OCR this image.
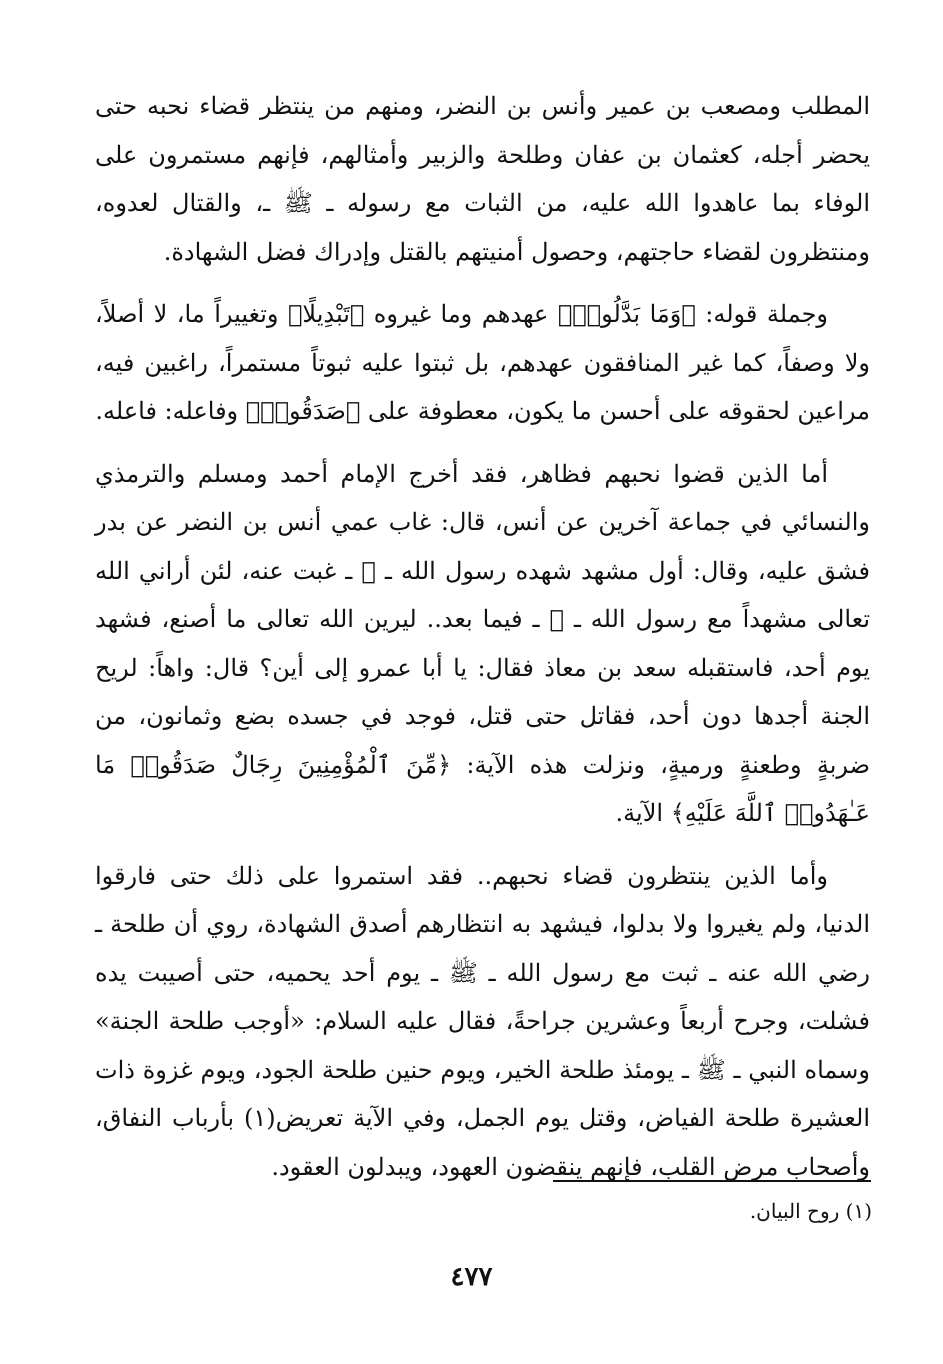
المطلب ومصعب بن عمير وأنس بن النضر، ومنهم من ينتظر قضاء نحبه حتى يحضر أجله، كعثمان بن عفان وطلحة والزبير وأمثالهم، فإنهم مستمرون على الوفاء بما عاهدوا الله عليه، من الثبات مع رسوله ـ ﷺ ـ، والقتال لعدوه، ومنتظرون لقضاء حاجتهم، وحصول أمنيتهم بالقتل وإدراك فضل الشهادة.

وجملة قوله: ﴿وَمَا بَدَّلُوا۟﴾ عهدهم وما غيروه ﴿تَبْدِيلًا﴾ وتغييراً ما، لا أصلاً، ولا وصفاً، كما غير المنافقون عهدهم، بل ثبتوا عليه ثبوتاً مستمراً، راغبين فيه، مراعين لحقوقه على أحسن ما يكون، معطوفة على ﴿صَدَقُوا۟﴾ وفاعله: فاعله.

أما الذين قضوا نحبهم فظاهر، فقد أخرج الإمام أحمد ومسلم والترمذي والنسائي في جماعة آخرين عن أنس، قال: غاب عمي أنس بن النضر عن بدر فشق عليه، وقال: أول مشهد شهده رسول الله ـ ﷺ ـ غبت عنه، لئن أراني الله تعالى مشهداً مع رسول الله ـ ﷺ ـ فيما بعد.. ليرين الله تعالى ما أصنع، فشهد يوم أحد، فاستقبله سعد بن معاذ فقال: يا أبا عمرو إلى أين؟ قال: واهاً: لريح الجنة أجدها دون أحد، فقاتل حتى قتل، فوجد في جسده بضع وثمانون، من ضربةٍ وطعنةٍ ورميةٍ، ونزلت هذه الآية: ﴿مِّنَ ٱلْمُؤْمِنِينَ رِجَالٌ صَدَقُوا۟ مَا عَـٰهَدُوا۟ ٱللَّهَ عَلَيْهِ﴾ الآية.

وأما الذين ينتظرون قضاء نحبهم.. فقد استمروا على ذلك حتى فارقوا الدنيا، ولم يغيروا ولا بدلوا، فيشهد به انتظارهم أصدق الشهادة، روي أن طلحة ـ رضي الله عنه ـ ثبت مع رسول الله ـ ﷺ ـ يوم أحد يحميه، حتى أصيبت يده فشلت، وجرح أربعاً وعشرين جراحةً، فقال عليه السلام: «أوجب طلحة الجنة» وسماه النبي ـ ﷺ ـ يومئذ طلحة الخير، ويوم حنين طلحة الجود، ويوم غزوة ذات العشيرة طلحة الفياض، وقتل يوم الجمل، وفي الآية تعريض(١) بأرباب النفاق، وأصحاب مرض القلب، فإنهم ينقضون العهود، ويبدلون العقود.

(١) روح البيان.
٤٧٧
